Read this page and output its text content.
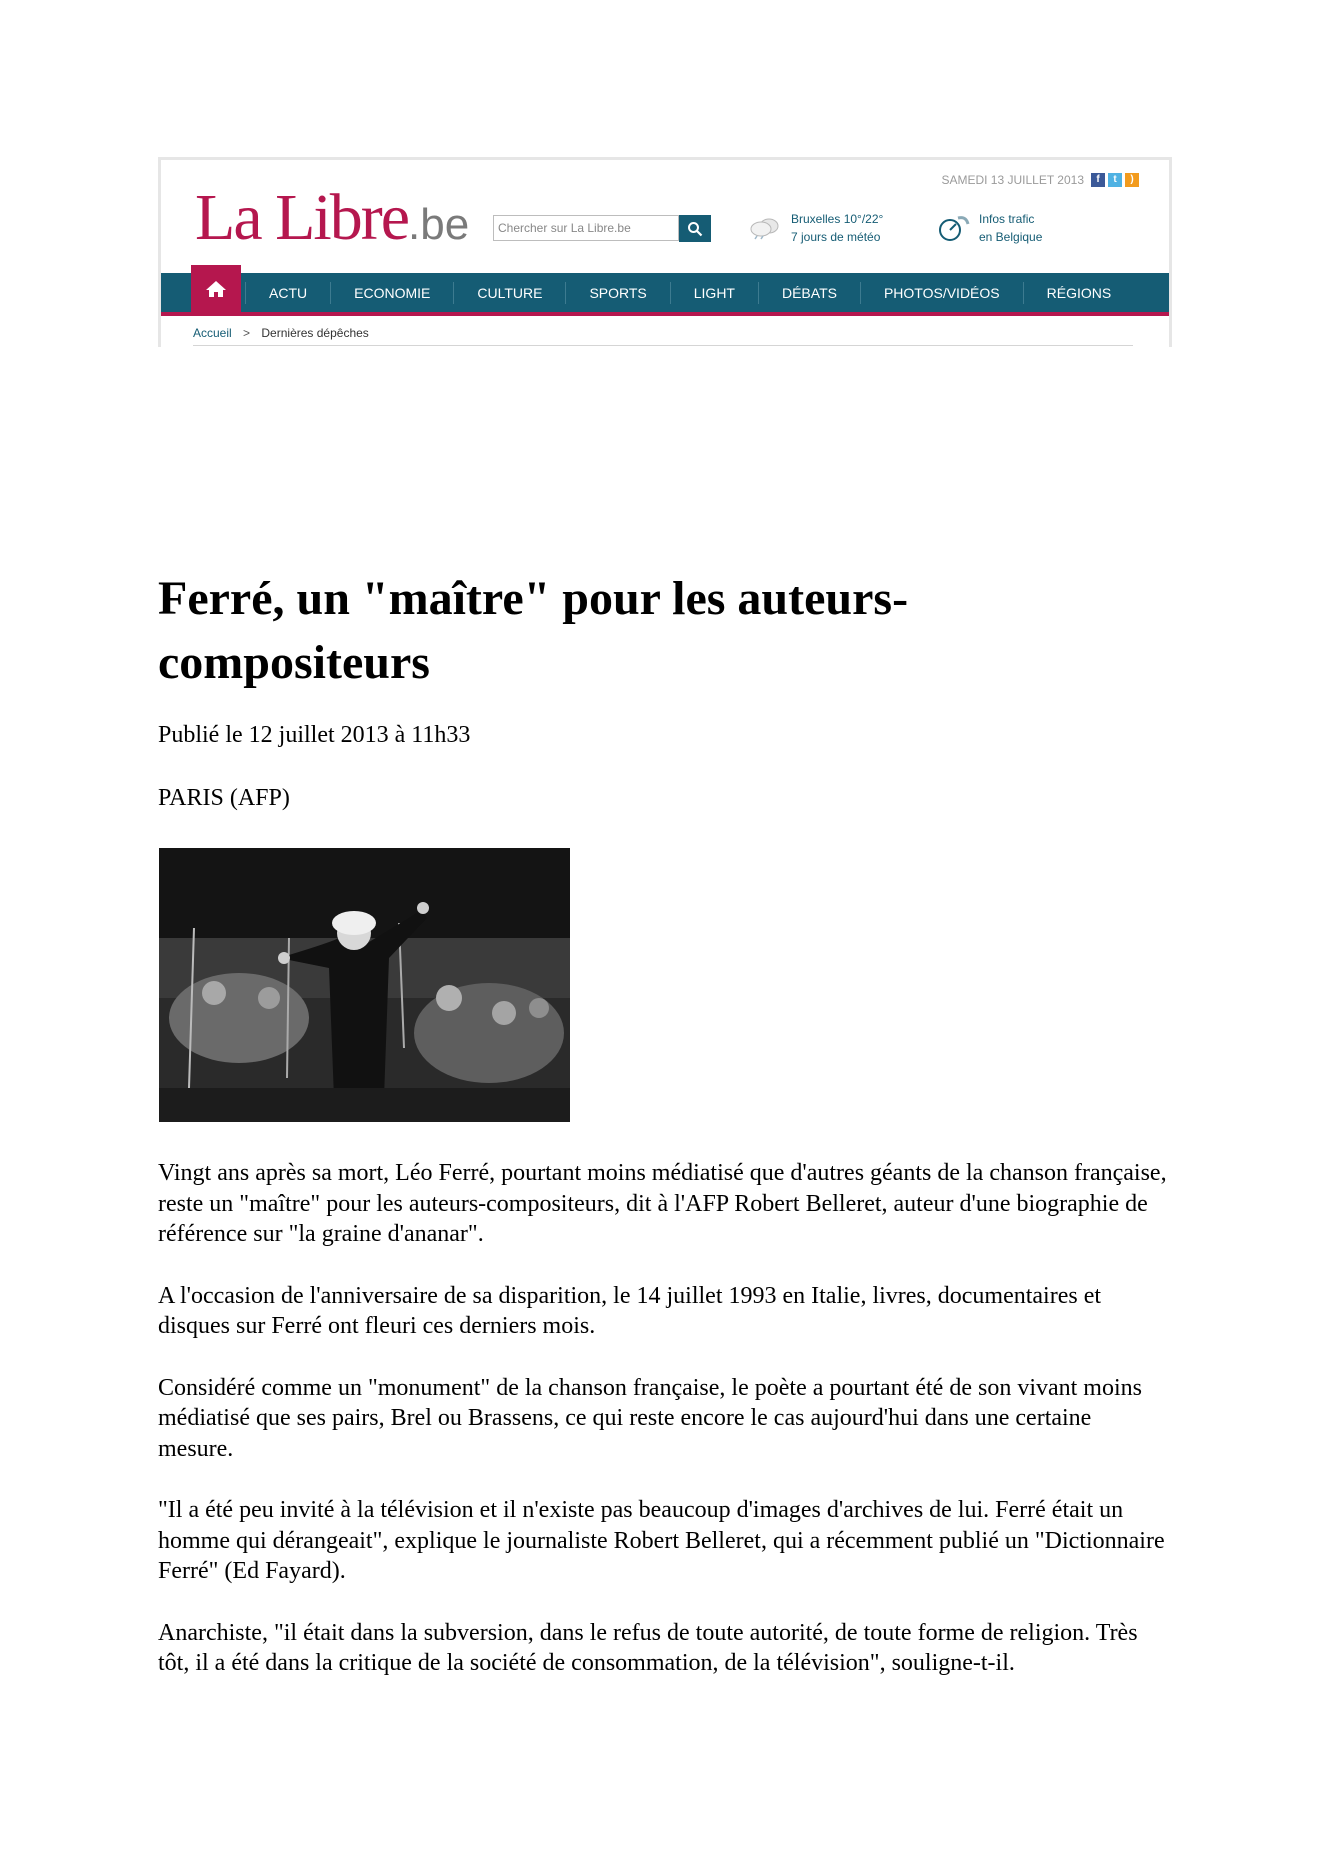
La Libre.be
SAMEDI 13 JUILLET 2013	f	t	)
Chercher sur La Libre.be
Bruxelles 10°/22°
7 jours de météo
Infos trafic
en Belgique
ACTU	ECONOMIE	CULTURE	SPORTS	LIGHT	DÉBATS	PHOTOS/VIDÉOS	RÉGIONS
Accueil > Dernières dépêches
Ferré, un "maître" pour les auteurs-compositeurs
Publié le 12 juillet 2013 à 11h33
PARIS (AFP)

Vingt ans après sa mort, Léo Ferré, pourtant moins médiatisé que d'autres géants de la chanson française, reste un "maître" pour les auteurs-compositeurs, dit à l'AFP Robert Belleret, auteur d'une biographie de référence sur "la graine d'ananar".

A l'occasion de l'anniversaire de sa disparition, le 14 juillet 1993 en Italie, livres, documentaires et disques sur Ferré ont fleuri ces derniers mois.

Considéré comme un "monument" de la chanson française, le poète a pourtant été de son vivant moins médiatisé que ses pairs, Brel ou Brassens, ce qui reste encore le cas aujourd'hui dans une certaine mesure.

"Il a été peu invité à la télévision et il n'existe pas beaucoup d'images d'archives de lui. Ferré était un homme qui dérangeait", explique le journaliste Robert Belleret, qui a récemment publié un "Dictionnaire Ferré" (Ed Fayard).

Anarchiste, "il était dans la subversion, dans le refus de toute autorité, de toute forme de religion. Très tôt, il a été dans la critique de la société de consommation, de la télévision", souligne-t-il.
